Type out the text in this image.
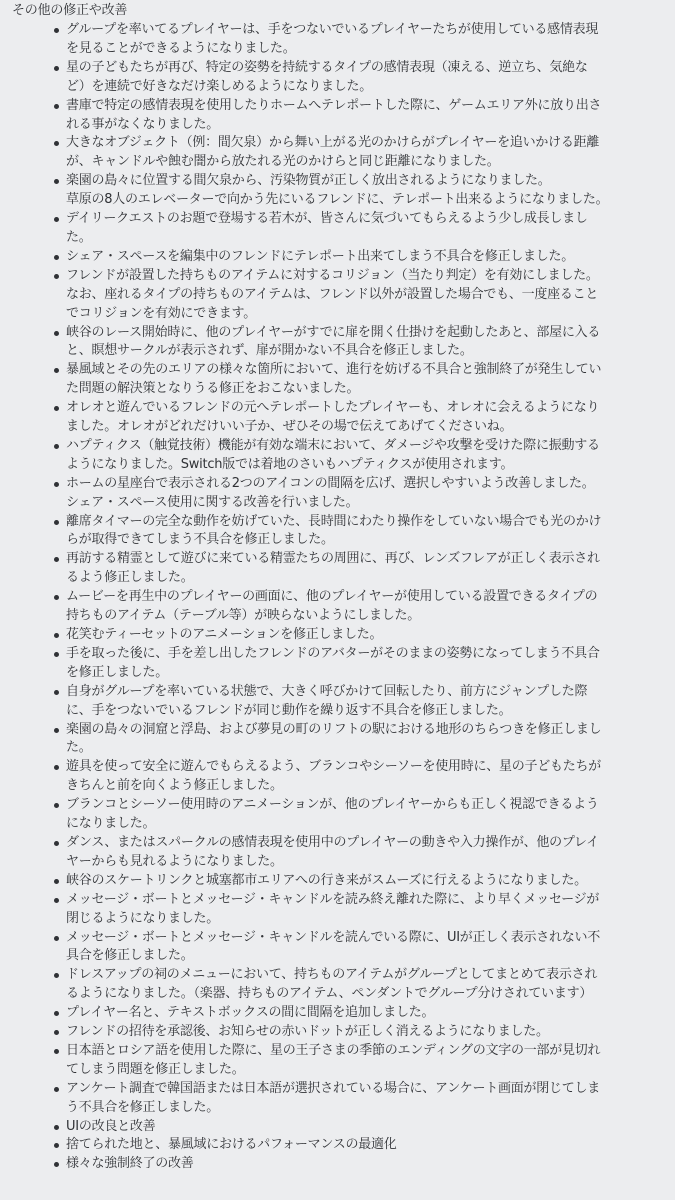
その他の修正や改善
グループを率いてるプレイヤーは、手をつないでいるプレイヤーたちが使用している感情表現
を見ることができるようになりました。
星の子どもたちが再び、特定の姿勢を持続するタイプの感情表現（凍える、逆立ち、気絶な
ど）を連続で好きなだけ楽しめるようになりました。
書庫で特定の感情表現を使用したりホームへテレポートした際に、ゲームエリア外に放り出さ
れる事がなくなりました。
大きなオブジェクト（例：間欠泉）から舞い上がる光のかけらがプレイヤーを追いかける距離
が、キャンドルや蝕む闇から放たれる光のかけらと同じ距離になりました。
楽園の島々に位置する間欠泉から、汚染物質が正しく放出されるようになりました。
草原の8人のエレベーターで向かう先にいるフレンドに、テレポート出来るようになりました。
デイリークエストのお題で登場する若木が、皆さんに気づいてもらえるよう少し成長しまし
た。
シェア・スペースを編集中のフレンドにテレポート出来てしまう不具合を修正しました。
フレンドが設置した持ちものアイテムに対するコリジョン（当たり判定）を有効にしました。
なお、座れるタイプの持ちものアイテムは、フレンド以外が設置した場合でも、一度座ること
でコリジョンを有効にできます。
峡谷のレース開始時に、他のプレイヤーがすでに扉を開く仕掛けを起動したあと、部屋に入る
と、瞑想サークルが表示されず、扉が開かない不具合を修正しました。
暴風域とその先のエリアの様々な箇所において、進行を妨げる不具合と強制終了が発生してい
た問題の解決策となりうる修正をおこないました。
オレオと遊んでいるフレンドの元へテレポートしたプレイヤーも、オレオに会えるようになり
ました。オレオがどれだけいい子か、ぜひその場で伝えてあげてくださいね。
ハプティクス（触覚技術）機能が有効な端末において、ダメージや攻撃を受けた際に振動する
ようになりました。Switch版では着地のさいもハプティクスが使用されます。
ホームの星座台で表示される2つのアイコンの間隔を広げ、選択しやすいよう改善しました。
シェア・スペース使用に関する改善を行いました。
離席タイマーの完全な動作を妨げていた、長時間にわたり操作をしていない場合でも光のかけ
らが取得できてしまう不具合を修正しました。
再訪する精霊として遊びに来ている精霊たちの周囲に、再び、レンズフレアが正しく表示され
るよう修正しました。
ムービーを再生中のプレイヤーの画面に、他のプレイヤーが使用している設置できるタイプの
持ちものアイテム（テーブル等）が映らないようにしました。
花笑むティーセットのアニメーションを修正しました。
手を取った後に、手を差し出したフレンドのアバターがそのままの姿勢になってしまう不具合
を修正しました。
自身がグループを率いている状態で、大きく呼びかけて回転したり、前方にジャンプした際
に、手をつないでいるフレンドが同じ動作を繰り返す不具合を修正しました。
楽園の島々の洞窟と浮島、および夢見の町のリフトの駅における地形のちらつきを修正しまし
た。
遊具を使って安全に遊んでもらえるよう、ブランコやシーソーを使用時に、星の子どもたちが
きちんと前を向くよう修正しました。
ブランコとシーソー使用時のアニメーションが、他のプレイヤーからも正しく視認できるよう
になりました。
ダンス、またはスパークルの感情表現を使用中のプレイヤーの動きや入力操作が、他のプレイ
ヤーからも見れるようになりました。
峡谷のスケートリンクと城塞都市エリアへの行き来がスムーズに行えるようになりました。
メッセージ・ボートとメッセージ・キャンドルを読み終え離れた際に、より早くメッセージが
閉じるようになりました。
メッセージ・ボートとメッセージ・キャンドルを読んでいる際に、UIが正しく表示されない不
具合を修正しました。
ドレスアップの祠のメニューにおいて、持ちものアイテムがグループとしてまとめて表示され
るようになりました。（楽器、持ちものアイテム、ペンダントでグループ分けされています）
プレイヤー名と、テキストボックスの間に間隔を追加しました。
フレンドの招待を承認後、お知らせの赤いドットが正しく消えるようになりました。
日本語とロシア語を使用した際に、星の王子さまの季節のエンディングの文字の一部が見切れ
てしまう問題を修正しました。
アンケート調査で韓国語または日本語が選択されている場合に、アンケート画面が閉じてしま
う不具合を修正しました。
UIの改良と改善
捨てられた地と、暴風域におけるパフォーマンスの最適化
様々な強制終了の改善
